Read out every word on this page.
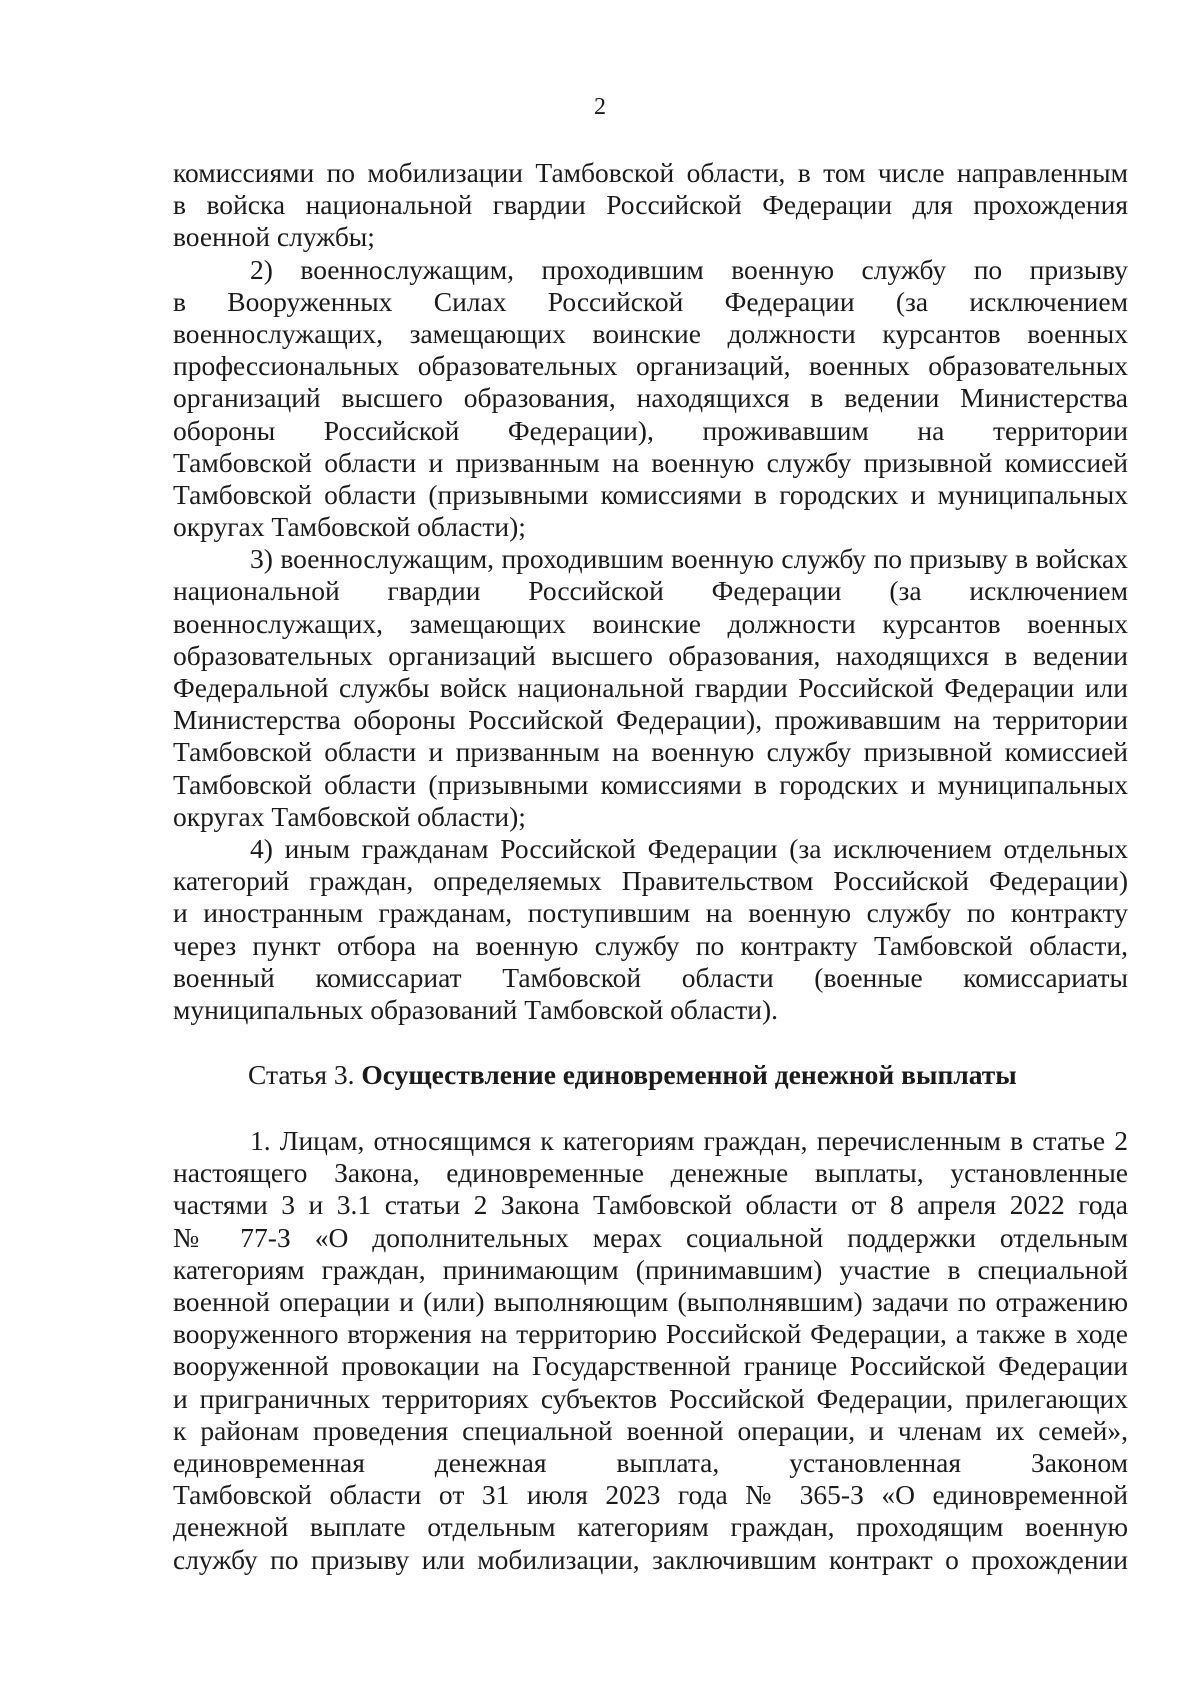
2
комиссиями по мобилизации Тамбовской области, в том числе направленным
в войска национальной гвардии Российской Федерации для прохождения
военной службы;
2) военнослужащим, проходившим военную службу по призыву
в Вооруженных Силах Российской Федерации (за исключением
военнослужащих, замещающих воинские должности курсантов военных
профессиональных образовательных организаций, военных образовательных
организаций высшего образования, находящихся в ведении Министерства
обороны Российской Федерации), проживавшим на территории
Тамбовской области и призванным на военную службу призывной комиссией
Тамбовской области (призывными комиссиями в городских и муниципальных
округах Тамбовской области);
3) военнослужащим, проходившим военную службу по призыву в войсках
национальной гвардии Российской Федерации (за исключением
военнослужащих, замещающих воинские должности курсантов военных
образовательных организаций высшего образования, находящихся в ведении
Федеральной службы войск национальной гвардии Российской Федерации или
Министерства обороны Российской Федерации), проживавшим на территории
Тамбовской области и призванным на военную службу призывной комиссией
Тамбовской области (призывными комиссиями в городских и муниципальных
округах Тамбовской области);
4) иным гражданам Российской Федерации (за исключением отдельных
категорий граждан, определяемых Правительством Российской Федерации)
и иностранным гражданам, поступившим на военную службу по контракту
через пункт отбора на военную службу по контракту Тамбовской области,
военный комиссариат Тамбовской области (военные комиссариаты
муниципальных образований Тамбовской области).
Статья 3. Осуществление единовременной денежной выплаты
1. Лицам, относящимся к категориям граждан, перечисленным в статье 2
настоящего Закона, единовременные денежные выплаты, установленные
частями 3 и 3.1 статьи 2 Закона Тамбовской области от 8 апреля 2022 года
№ 77-З «О дополнительных мерах социальной поддержки отдельным
категориям граждан, принимающим (принимавшим) участие в специальной
военной операции и (или) выполняющим (выполнявшим) задачи по отражению
вооруженного вторжения на территорию Российской Федерации, а также в ходе
вооруженной провокации на Государственной границе Российской Федерации
и приграничных территориях субъектов Российской Федерации, прилегающих
к районам проведения специальной военной операции, и членам их семей»,
единовременная денежная выплата, установленная Законом
Тамбовской области от 31 июля 2023 года № 365-З «О единовременной
денежной выплате отдельным категориям граждан, проходящим военную
службу по призыву или мобилизации, заключившим контракт о прохождении
